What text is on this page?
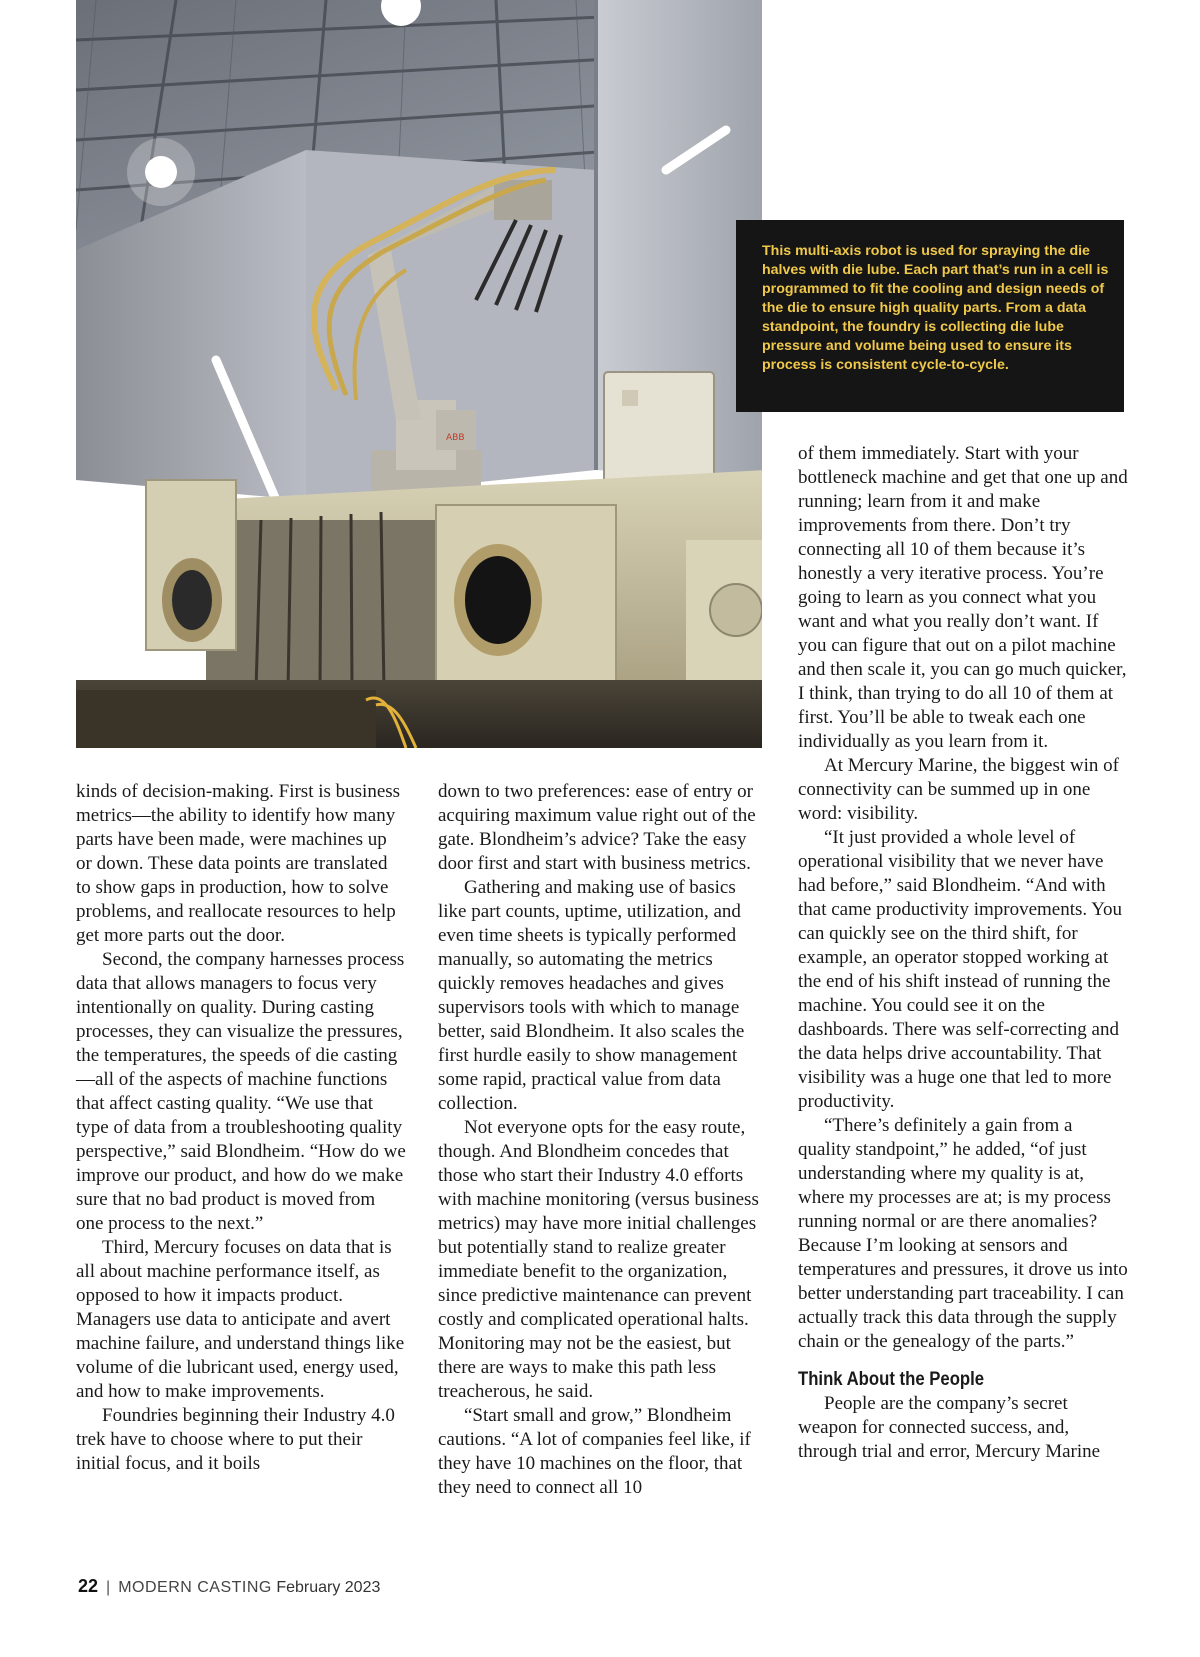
ABB
This multi-axis robot is used for spraying the die halves with die lube. Each part that’s run in a cell is programmed to fit the cooling and design needs of the die to ensure high quality parts. From a data standpoint, the foundry is collecting die lube pressure and volume being used to ensure its process is consistent cycle-to-cycle.

kinds of decision-making. First is business metrics—the ability to identify how many parts have been made, were machines up or down. These data points are translated to show gaps in production, how to solve problems, and reallocate resources to help get more parts out the door.

Second, the company harnesses process data that allows managers to focus very intentionally on quality. During casting processes, they can visualize the pressures, the temperatures, the speeds of die casting—all of the aspects of machine functions that affect casting quality. “We use that type of data from a troubleshooting quality perspective,” said Blondheim. “How do we improve our product, and how do we make sure that no bad product is moved from one process to the next.”

Third, Mercury focuses on data that is all about machine performance itself, as opposed to how it impacts product. Managers use data to anticipate and avert machine failure, and understand things like volume of die lubricant used, energy used, and how to make improvements.

Foundries beginning their Industry 4.0 trek have to choose where to put their initial focus, and it boils

down to two preferences: ease of entry or acquiring maximum value right out of the gate. Blondheim’s advice? Take the easy door first and start with business metrics.

Gathering and making use of basics like part counts, uptime, utilization, and even time sheets is typically performed manually, so automating the metrics quickly removes headaches and gives supervisors tools with which to manage better, said Blondheim. It also scales the first hurdle easily to show management some rapid, practical value from data collection.

Not everyone opts for the easy route, though. And Blondheim concedes that those who start their Industry 4.0 efforts with machine monitoring (versus business metrics) may have more initial challenges but potentially stand to realize greater immediate benefit to the organization, since predictive maintenance can prevent costly and complicated operational halts. Monitoring may not be the easiest, but there are ways to make this path less treacherous, he said.

“Start small and grow,” Blondheim cautions. “A lot of companies feel like, if they have 10 machines on the floor, that they need to connect all 10

of them immediately. Start with your bottleneck machine and get that one up and running; learn from it and make improvements from there. Don’t try connecting all 10 of them because it’s honestly a very iterative process. You’re going to learn as you connect what you want and what you really don’t want. If you can figure that out on a pilot machine and then scale it, you can go much quicker, I think, than trying to do all 10 of them at first. You’ll be able to tweak each one individually as you learn from it.

At Mercury Marine, the biggest win of connectivity can be summed up in one word: visibility.

“It just provided a whole level of operational visibility that we never have had before,” said Blondheim. “And with that came productivity improvements. You can quickly see on the third shift, for example, an operator stopped working at the end of his shift instead of running the machine. You could see it on the dashboards. There was self-correcting and the data helps drive accountability. That visibility was a huge one that led to more productivity.

“There’s definitely a gain from a quality standpoint,” he added, “of just understanding where my quality is at, where my processes are at; is my process running normal or are there anomalies? Because I’m looking at sensors and temperatures and pressures, it drove us into better understanding part traceability. I can actually track this data through the supply chain or the genealogy of the parts.”

Think About the People

People are the company’s secret weapon for connected success, and, through trial and error, Mercury Marine

22 | MODERN CASTING February 2023
